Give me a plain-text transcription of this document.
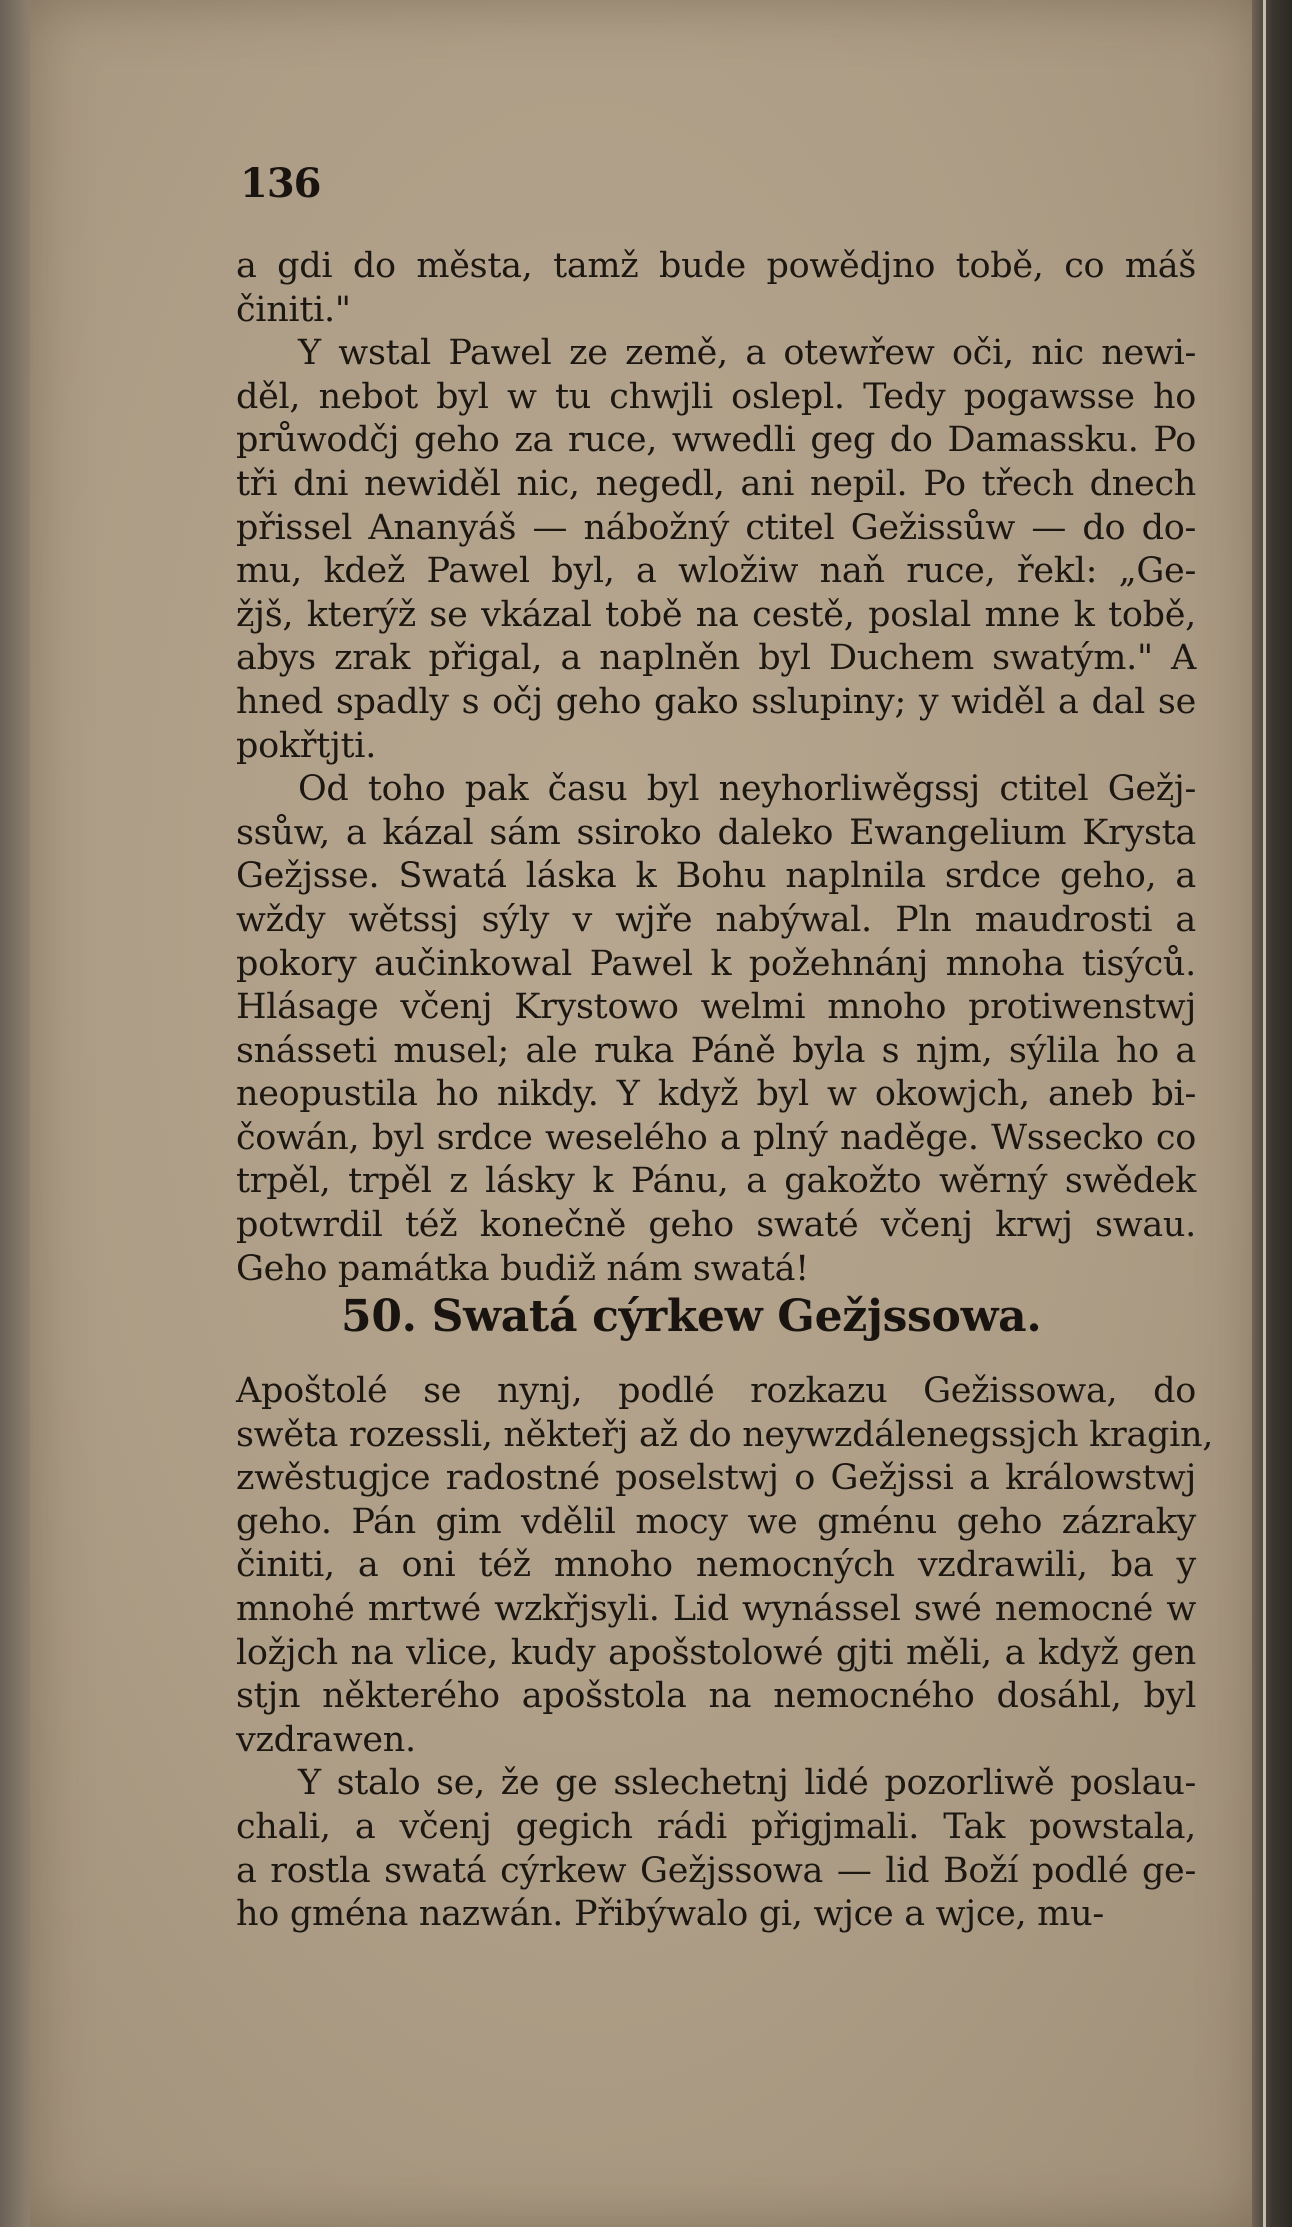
136
a gdi do města, tamž bude powědjno tobě, co máš
činiti."
Y wstal Pawel ze země, a otewřew oči, nic newi-
děl, nebot byl w tu chwjli oslepl. Tedy pogawsse ho
průwodčj geho za ruce, wwedli geg do Damassku. Po
tři dni newiděl nic, negedl, ani nepil. Po třech dnech
přissel Ananyáš — nábožný ctitel Gežissůw — do do-
mu, kdež Pawel byl, a wložiw naň ruce, řekl: „Ge-
žjš, kterýž se vkázal tobě na cestě, poslal mne k tobě,
abys zrak přigal, a naplněn byl Duchem swatým." A
hned spadly s očj geho gako sslupiny; y widěl a dal se
pokřtjti.
Od toho pak času byl neyhorliwěgssj ctitel Gežj-
ssůw, a kázal sám ssiroko daleko Ewangelium Krysta
Gežjsse. Swatá láska k Bohu naplnila srdce geho, a
wždy wětssj sýly v wjře nabýwal. Pln maudrosti a
pokory aučinkowal Pawel k požehnánj mnoha tisýců.
Hlásage včenj Krystowo welmi mnoho protiwenstwj
snásseti musel; ale ruka Páně byla s njm, sýlila ho a
neopustila ho nikdy. Y když byl w okowjch, aneb bi-
čowán, byl srdce weselého a plný naděge. Wssecko co
trpěl, trpěl z lásky k Pánu, a gakožto wěrný swědek
potwrdil též konečně geho swaté včenj krwj swau.
Geho památka budiž nám swatá!
50. Swatá cýrkew Gežjssowa.
Apoštolé se nynj, podlé rozkazu Gežissowa, do
swěta rozessli, někteřj až do neywzdálenegssjch kragin,
zwěstugjce radostné poselstwj o Gežjssi a králowstwj
geho. Pán gim vdělil mocy we gménu geho zázraky
činiti, a oni též mnoho nemocných vzdrawili, ba y
mnohé mrtwé wzkřjsyli. Lid wynássel swé nemocné w
ložjch na vlice, kudy apošstolowé gjti měli, a když gen
stjn některého apošstola na nemocného dosáhl, byl
vzdrawen.
Y stalo se, že ge sslechetnj lidé pozorliwě poslau-
chali, a včenj gegich rádi přigjmali. Tak powstala,
a rostla swatá cýrkew Gežjssowa — lid Boží podlé ge-
ho gména nazwán. Přibýwalo gi, wjce a wjce, mu-
